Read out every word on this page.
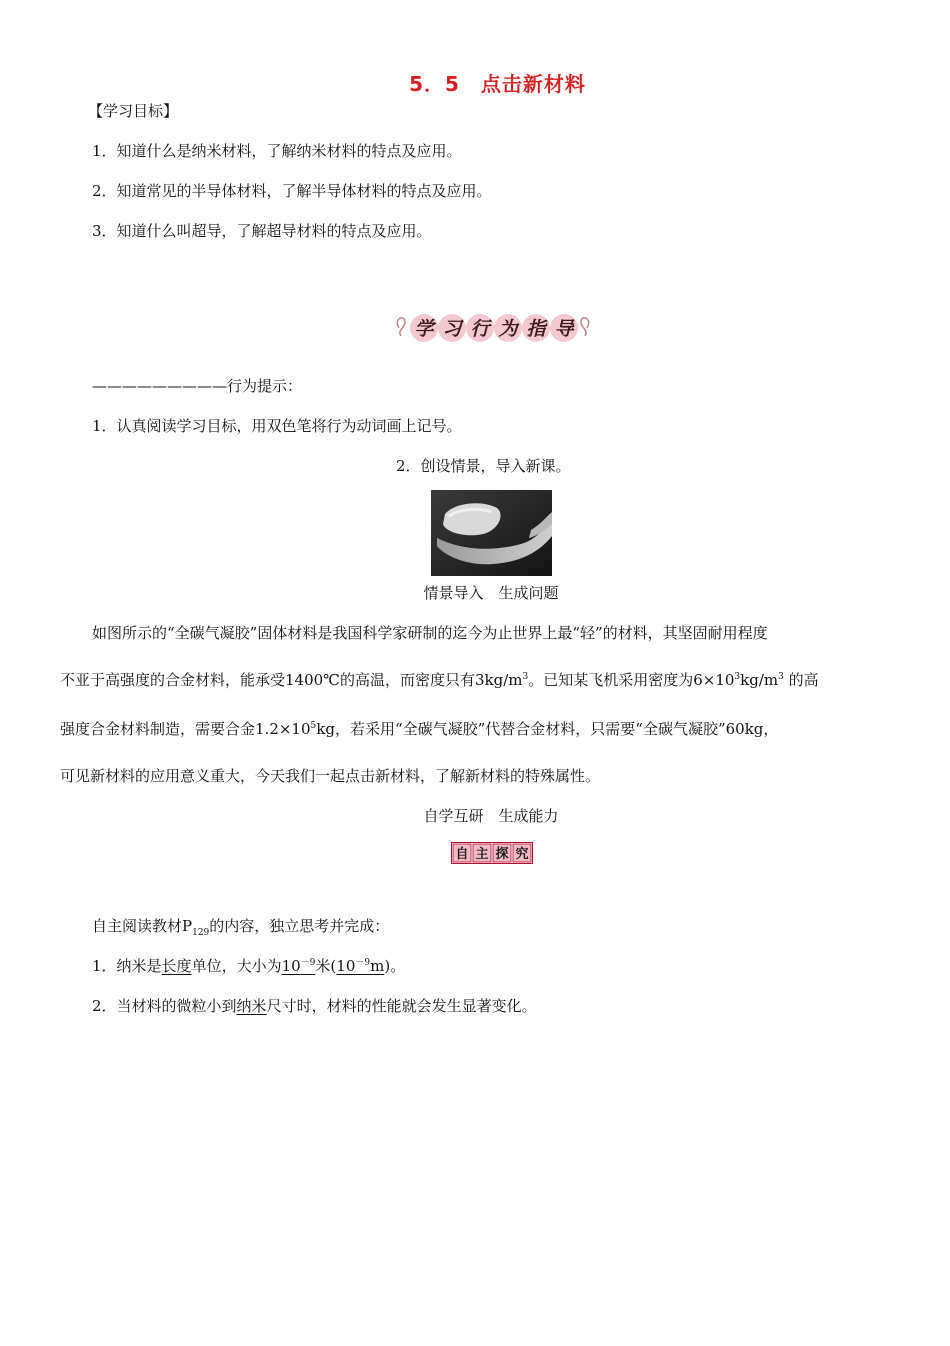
5．5　点击新材料
【学习目标】
1．知道什么是纳米材料，了解纳米材料的特点及应用。
2．知道常见的半导体材料，了解半导体材料的特点及应用。
3．知道什么叫超导，了解超导材料的特点及应用。
学 习 行 为 指 导
—————————行为提示：
1．认真阅读学习目标，用双色笔将行为动词画上记号。
2．创设情景，导入新课。
情景导入　生成问题
如图所示的“全碳气凝胶”固体材料是我国科学家研制的迄今为止世界上最“轻”的材料，其坚固耐用程度
不亚于高强度的合金材料，能承受1400℃的高温，而密度只有$3kg/m^3$。已知某飞机采用密度为$6\times 10^3kg/m^3$ 的高
强度合金材料制造，需要合金$1.2\times 10^5kg$，若采用“全碳气凝胶”代替合金材料，只需要“全碳气凝胶”60kg，
可见新材料的应用意义重大，今天我们一起点击新材料，了解新材料的特殊属性。
自学互研　生成能力
自 主 探 究
自主阅读教材$P_{129}$的内容，独立思考并完成：
1．纳米是长度单位，大小为$10^{-9}$米$(10^{-9}m)$。
2．当材料的微粒小到纳米尺寸时，材料的性能就会发生显著变化。
